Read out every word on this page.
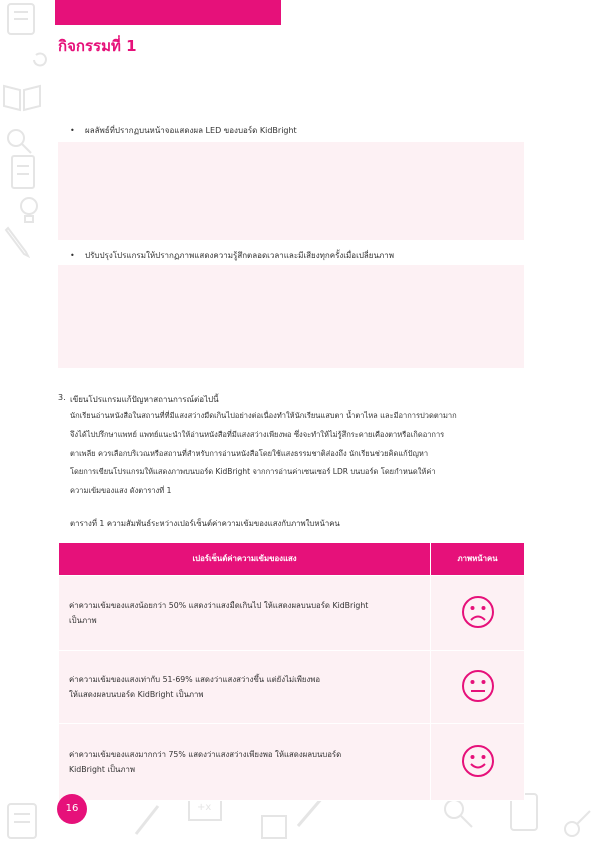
กิจกรรมที่ 1
+x
• ผลลัพธ์ที่ปรากฏบนหน้าจอแสดงผล LED ของบอร์ด KidBright
• ปรับปรุงโปรแกรมให้ปรากฏภาพแสดงความรู้สึกตลอดเวลาและมีเสียงทุกครั้งเมื่อเปลี่ยนภาพ
3. เขียนโปรแกรมแก้ปัญหาสถานการณ์ต่อไปนี้
นักเรียนอ่านหนังสือในสถานที่ที่มีแสงสว่างมืดเกินไปอย่างต่อเนื่องทำให้นักเรียนแสบตา น้ำตาไหล และมีอาการปวดตามาก
จึงได้ไปปรึกษาแพทย์ แพทย์แนะนำให้อ่านหนังสือที่มีแสงสว่างเพียงพอ ซึ่งจะทำให้ไม่รู้สึกระคายเคืองตาหรือเกิดอาการ
ตาเพลีย ควรเลือกบริเวณหรือสถานที่สำหรับการอ่านหนังสือโดยใช้แสงธรรมชาติส่องถึง นักเรียนช่วยคิดแก้ปัญหา
โดยการเขียนโปรแกรมให้แสดงภาพบนบอร์ด KidBright จากการอ่านค่าเซนเซอร์ LDR บนบอร์ด โดยกำหนดให้ค่า
ความเข้มของแสง ดังตารางที่ 1
ตารางที่ 1 ความสัมพันธ์ระหว่างเปอร์เซ็นต์ค่าความเข้มของแสงกับภาพใบหน้าคน
เปอร์เซ็นต์ค่าความเข้มของแสง	ภาพหน้าคน

ค่าความเข้มของแสงน้อยกว่า 50% แสดงว่าแสงมืดเกินไป ให้แสดงผลบนบอร์ด KidBright
เป็นภาพ

ค่าความเข้มของแสงเท่ากับ 51-69% แสดงว่าแสงสว่างขึ้น แต่ยังไม่เพียงพอ
ให้แสดงผลบนบอร์ด KidBright เป็นภาพ

ค่าความเข้มของแสงมากกว่า 75% แสดงว่าแสงสว่างเพียงพอ ให้แสดงผลบนบอร์ด
KidBright เป็นภาพ

16
